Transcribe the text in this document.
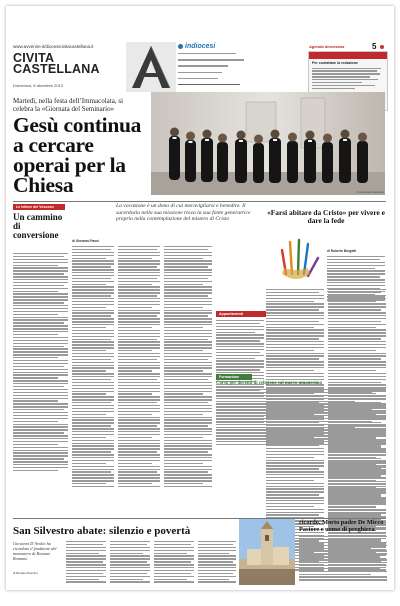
www.avvenire.it/diocesicivitacastellana.it
CIVITA
CASTELLANA
Domenica, 8 dicembre 2013
indiocesi	5
Agenda diocesana
Per contattare la redazione
Martedì, nella festa dell’Immacolata, si celebra la «Giornata del Seminario»
Gesù continua a cercare operai per la Chiesa	Un seminario diocesano
Le lettere del Vescovo
Un cammino di conversione
La vocazione è un dono di cui meravigliarsi e benedire. Il sacerdozio nella sua missione trova la sua fonte generatrice proprio nella contemplazione del mistero di Cristo
di Giovanni Paoni
«Farsi abitare da Cristo» per vivere e dare la fede
di Roberto Borgatti
Appuntamenti
Formazione
Corso per docenti di religione sul nuovo umanesimo
San Silvestro abate: silenzio e povertà
Giovanni D’Avolio ha ricordato il fondatore del monastero di Rosnate Romano
di Renato Rosmini
ricordo. Morto padre De Micco Pastore e uomo di preghiera
